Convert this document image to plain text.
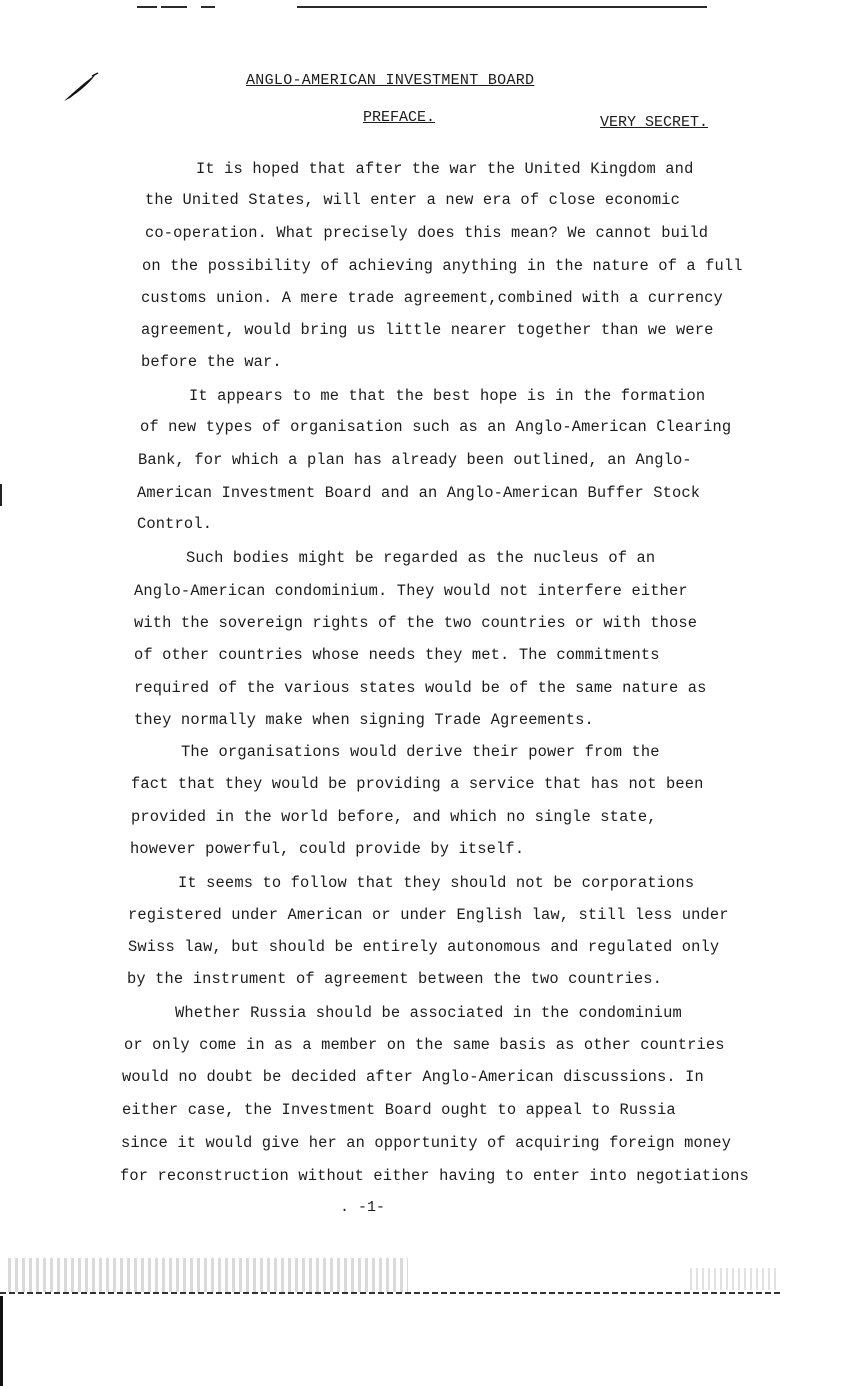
ANGLO-AMERICAN INVESTMENT BOARD
PREFACE.	VERY SECRET.
It is hoped that after the war the United Kingdom and
the United States, will enter a new era of close economic
co-operation. What precisely does this mean? We cannot build
on the possibility of achieving anything in the nature of a full
customs union. A mere trade agreement,combined with a currency
agreement, would bring us little nearer together than we were
before the war.
It appears to me that the best hope is in the formation
of new types of organisation such as an Anglo-American Clearing
Bank, for which a plan has already been outlined, an Anglo-
American Investment Board and an Anglo-American Buffer Stock
Control.
Such bodies might be regarded as the nucleus of an
Anglo-American condominium. They would not interfere either
with the sovereign rights of the two countries or with those
of other countries whose needs they met. The commitments
required of the various states would be of the same nature as
they normally make when signing Trade Agreements.
The organisations would derive their power from the
fact that they would be providing a service that has not been
provided in the world before, and which no single state,
however powerful, could provide by itself.
It seems to follow that they should not be corporations
registered under American or under English law, still less under
Swiss law, but should be entirely autonomous and regulated only
by the instrument of agreement between the two countries.
Whether Russia should be associated in the condominium
or only come in as a member on the same basis as other countries
would no doubt be decided after Anglo-American discussions. In
either case, the Investment Board ought to appeal to Russia
since it would give her an opportunity of acquiring foreign money
for reconstruction without either having to enter into negotiations
. -1-
